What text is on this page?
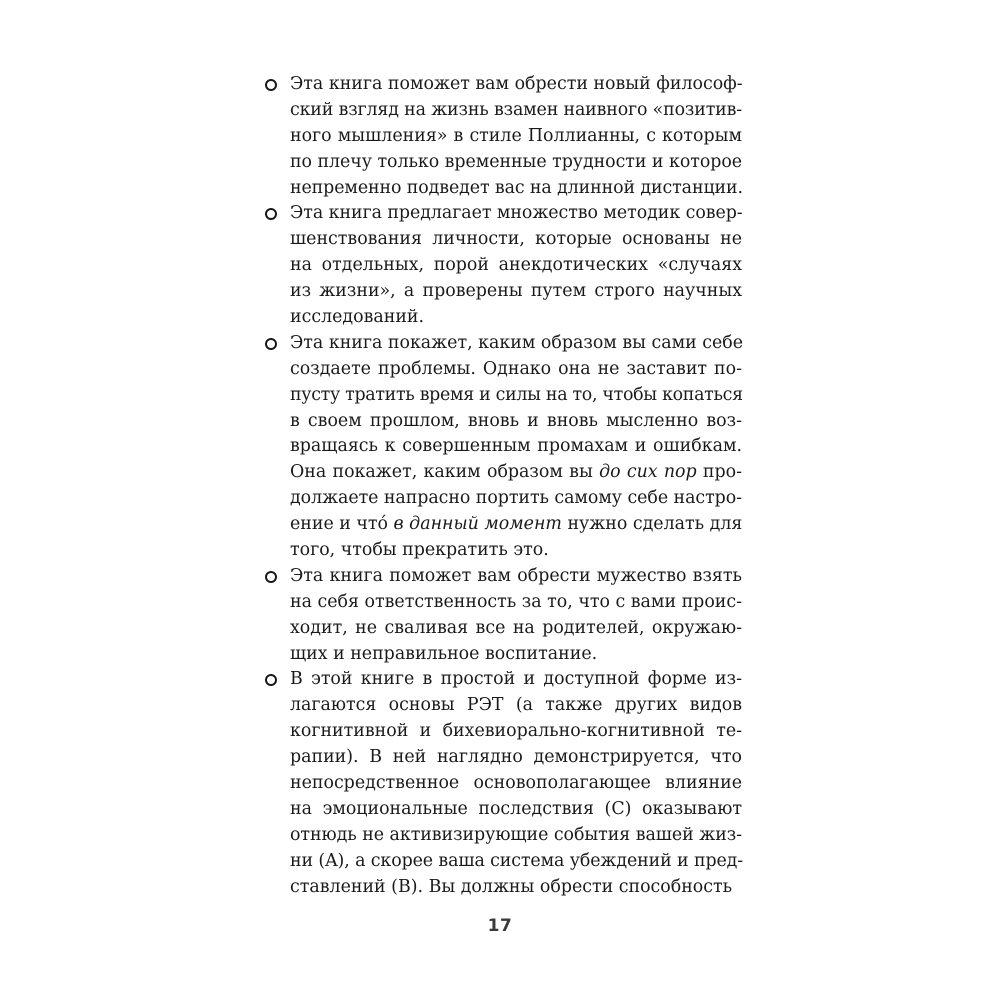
Эта книга поможет вам обрести новый философ-
ский взгляд на жизнь взамен наивного «позитив-
ного мышления» в стиле Поллианны, с которым
по плечу только временные трудности и которое
непременно подведет вас на длинной дистанции.
Эта книга предлагает множество методик совер-
шенствования личности, которые основаны не
на отдельных, порой анекдотических «случаях
из жизни», а проверены путем строго научных
исследований.
Эта книга покажет, каким образом вы сами себе
создаете проблемы. Однако она не заставит по-
пусту тратить время и силы на то, чтобы копаться
в своем прошлом, вновь и вновь мысленно воз-
вращаясь к совершенным промахам и ошибкам.
Она покажет, каким образом вы до сих пор про-
должаете напрасно портить самому себе настро-
ение и что́ в данный момент нужно сделать для
того, чтобы прекратить это.
Эта книга поможет вам обрести мужество взять
на себя ответственность за то, что с вами проис-
ходит, не сваливая все на родителей, окружаю-
щих и неправильное воспитание.
В этой книге в простой и доступной форме из-
лагаются основы РЭТ (а также других видов
когнитивной и бихевиорально-когнитивной те-
рапии). В ней наглядно демонстрируется, что
непосредственное основополагающее влияние
на эмоциональные последствия (C) оказывают
отнюдь не активизирующие события вашей жиз-
ни (A), а скорее ваша система убеждений и пред-
ставлений (B). Вы должны обрести способность
17
